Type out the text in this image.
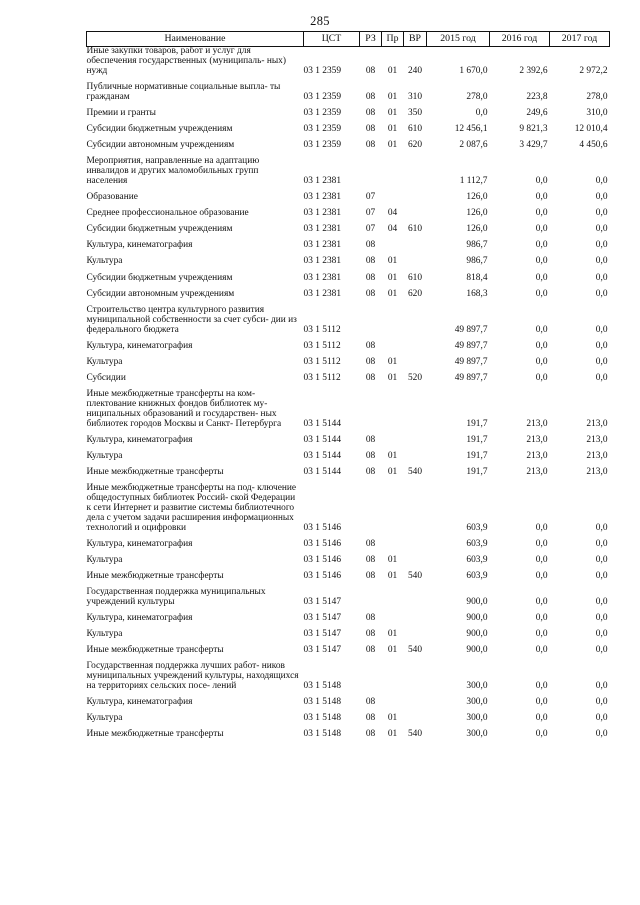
285
Наименование	ЦСТ	РЗ	Пр	ВР	2015 год	2016 год	2017 год
Иные закупки товаров, работ и услуг для обеспечения государственных (муниципаль- ных) нужд	03 1 2359	08	01	240	1 670,0	2 392,6	2 972,2
Публичные нормативные социальные выпла- ты гражданам	03 1 2359	08	01	310	278,0	223,8	278,0
Премии и гранты	03 1 2359	08	01	350	0,0	249,6	310,0
Субсидии бюджетным учреждениям	03 1 2359	08	01	610	12 456,1	9 821,3	12 010,4
Субсидии автономным учреждениям	03 1 2359	08	01	620	2 087,6	3 429,7	4 450,6
Мероприятия, направленные на адаптацию инвалидов и других маломобильных групп населения	03 1 2381				1 112,7	0,0	0,0
Образование	03 1 2381	07			126,0	0,0	0,0
Среднее профессиональное образование	03 1 2381	07	04		126,0	0,0	0,0
Субсидии бюджетным учреждениям	03 1 2381	07	04	610	126,0	0,0	0,0
Культура, кинематография	03 1 2381	08			986,7	0,0	0,0
Культура	03 1 2381	08	01		986,7	0,0	0,0
Субсидии бюджетным учреждениям	03 1 2381	08	01	610	818,4	0,0	0,0
Субсидии автономным учреждениям	03 1 2381	08	01	620	168,3	0,0	0,0
Строительство центра культурного развития муниципальной собственности за счет субси- дии из федерального бюджета	03 1 5112				49 897,7	0,0	0,0
Культура, кинематография	03 1 5112	08			49 897,7	0,0	0,0
Культура	03 1 5112	08	01		49 897,7	0,0	0,0
Субсидии	03 1 5112	08	01	520	49 897,7	0,0	0,0
Иные межбюджетные трансферты на ком- плектование книжных фондов библиотек му- ниципальных образований и государствен- ных библиотек городов Москвы и Санкт- Петербурга	03 1 5144				191,7	213,0	213,0
Культура, кинематография	03 1 5144	08			191,7	213,0	213,0
Культура	03 1 5144	08	01		191,7	213,0	213,0
Иные межбюджетные трансферты	03 1 5144	08	01	540	191,7	213,0	213,0
Иные межбюджетные трансферты на под- ключение общедоступных библиотек Россий- ской Федерации к сети Интернет и развитие системы библиотечного дела с учетом задачи расширения информационных технологий и оцифровки	03 1 5146				603,9	0,0	0,0
Культура, кинематография	03 1 5146	08			603,9	0,0	0,0
Культура	03 1 5146	08	01		603,9	0,0	0,0
Иные межбюджетные трансферты	03 1 5146	08	01	540	603,9	0,0	0,0
Государственная поддержка муниципальных учреждений культуры	03 1 5147				900,0	0,0	0,0
Культура, кинематография	03 1 5147	08			900,0	0,0	0,0
Культура	03 1 5147	08	01		900,0	0,0	0,0
Иные межбюджетные трансферты	03 1 5147	08	01	540	900,0	0,0	0,0
Государственная поддержка лучших работ- ников муниципальных учреждений культуры, находящихся на территориях сельских посе- лений	03 1 5148				300,0	0,0	0,0
Культура, кинематография	03 1 5148	08			300,0	0,0	0,0
Культура	03 1 5148	08	01		300,0	0,0	0,0
Иные межбюджетные трансферты	03 1 5148	08	01	540	300,0	0,0	0,0
